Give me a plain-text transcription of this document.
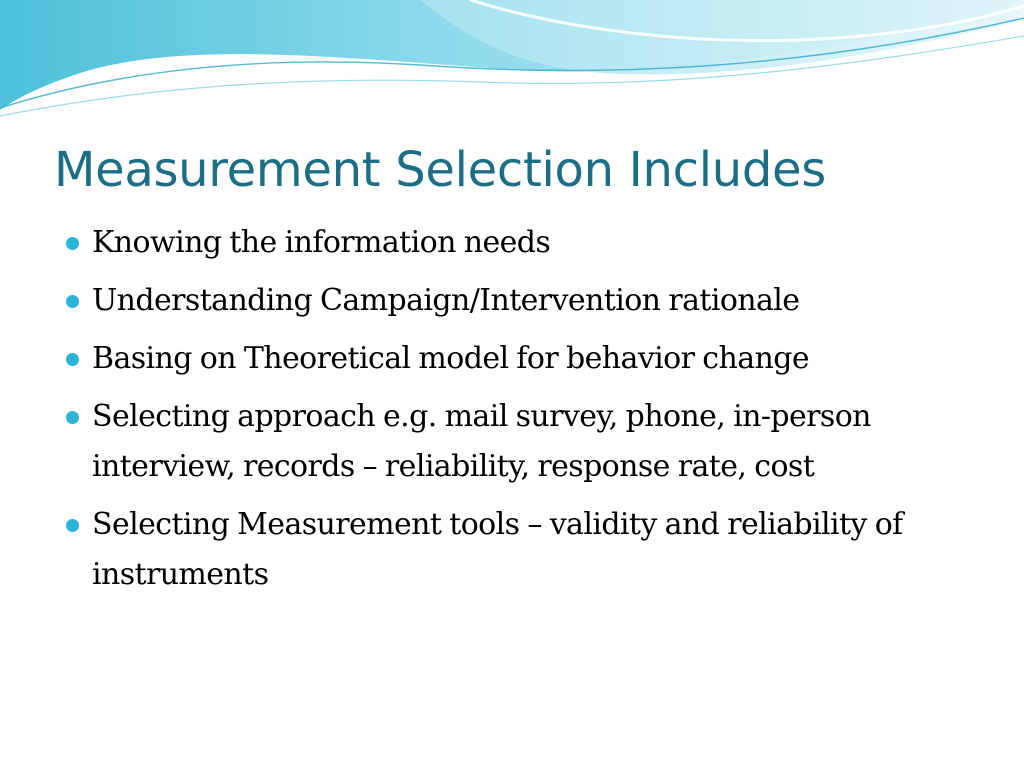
Measurement Selection Includes
Knowing the information needs
Understanding Campaign/Intervention rationale
Basing on Theoretical model for behavior change
Selecting approach e.g. mail survey, phone, in-person interview, records – reliability, response rate, cost
Selecting Measurement tools – validity and reliability of instruments
